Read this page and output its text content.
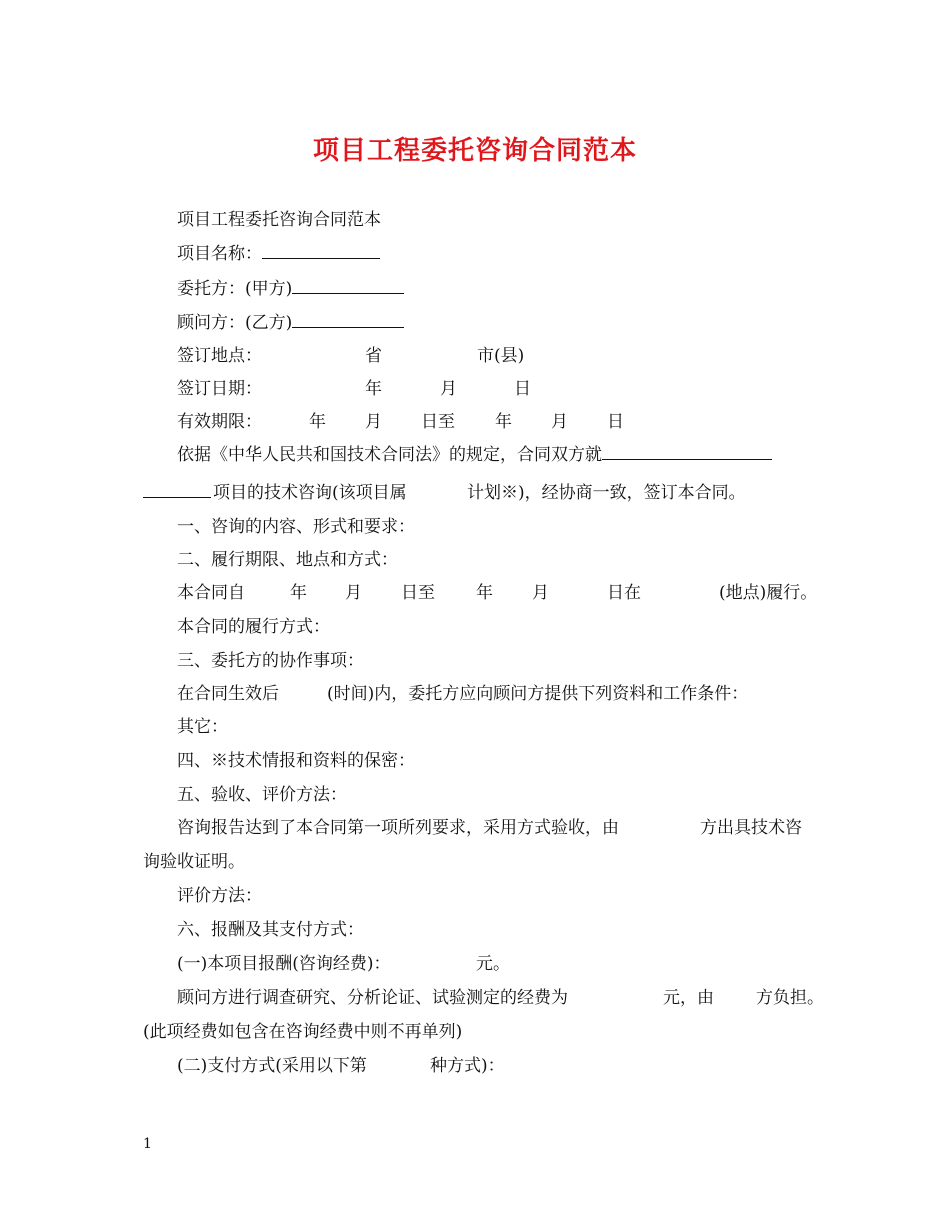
项目工程委托咨询合同范本
项目工程委托咨询合同范本
项目名称：
委托方：(甲方)
顾问方：(乙方)
签订地点：	省	市(县)
签订日期：	年	月	日
有效期限：	年 月 日至 年 月 日
依据《中华人民共和国技术合同法》的规定，合同双方就
项目的技术咨询(该项目属	计划※)，经协商一致，签订本合同。
一、咨询的内容、形式和要求：
二、履行期限、地点和方式：
本合同自	年 月 日至 年 月	日在	(地点)履行。
本合同的履行方式：
三、委托方的协作事项：
在合同生效后	(时间)内，委托方应向顾问方提供下列资料和工作条件：
其它：
四、※技术情报和资料的保密：
五、验收、评价方法：
咨询报告达到了本合同第一项所列要求，采用方式验收，由	方出具技术咨
询验收证明。
评价方法：
六、报酬及其支付方式：
(一)本项目报酬(咨询经费)：	元。
顾问方进行调查研究、分析论证、试验测定的经费为	元，由 方负担。
(此项经费如包含在咨询经费中则不再单列)
(二)支付方式(采用以下第	种方式)：
1
